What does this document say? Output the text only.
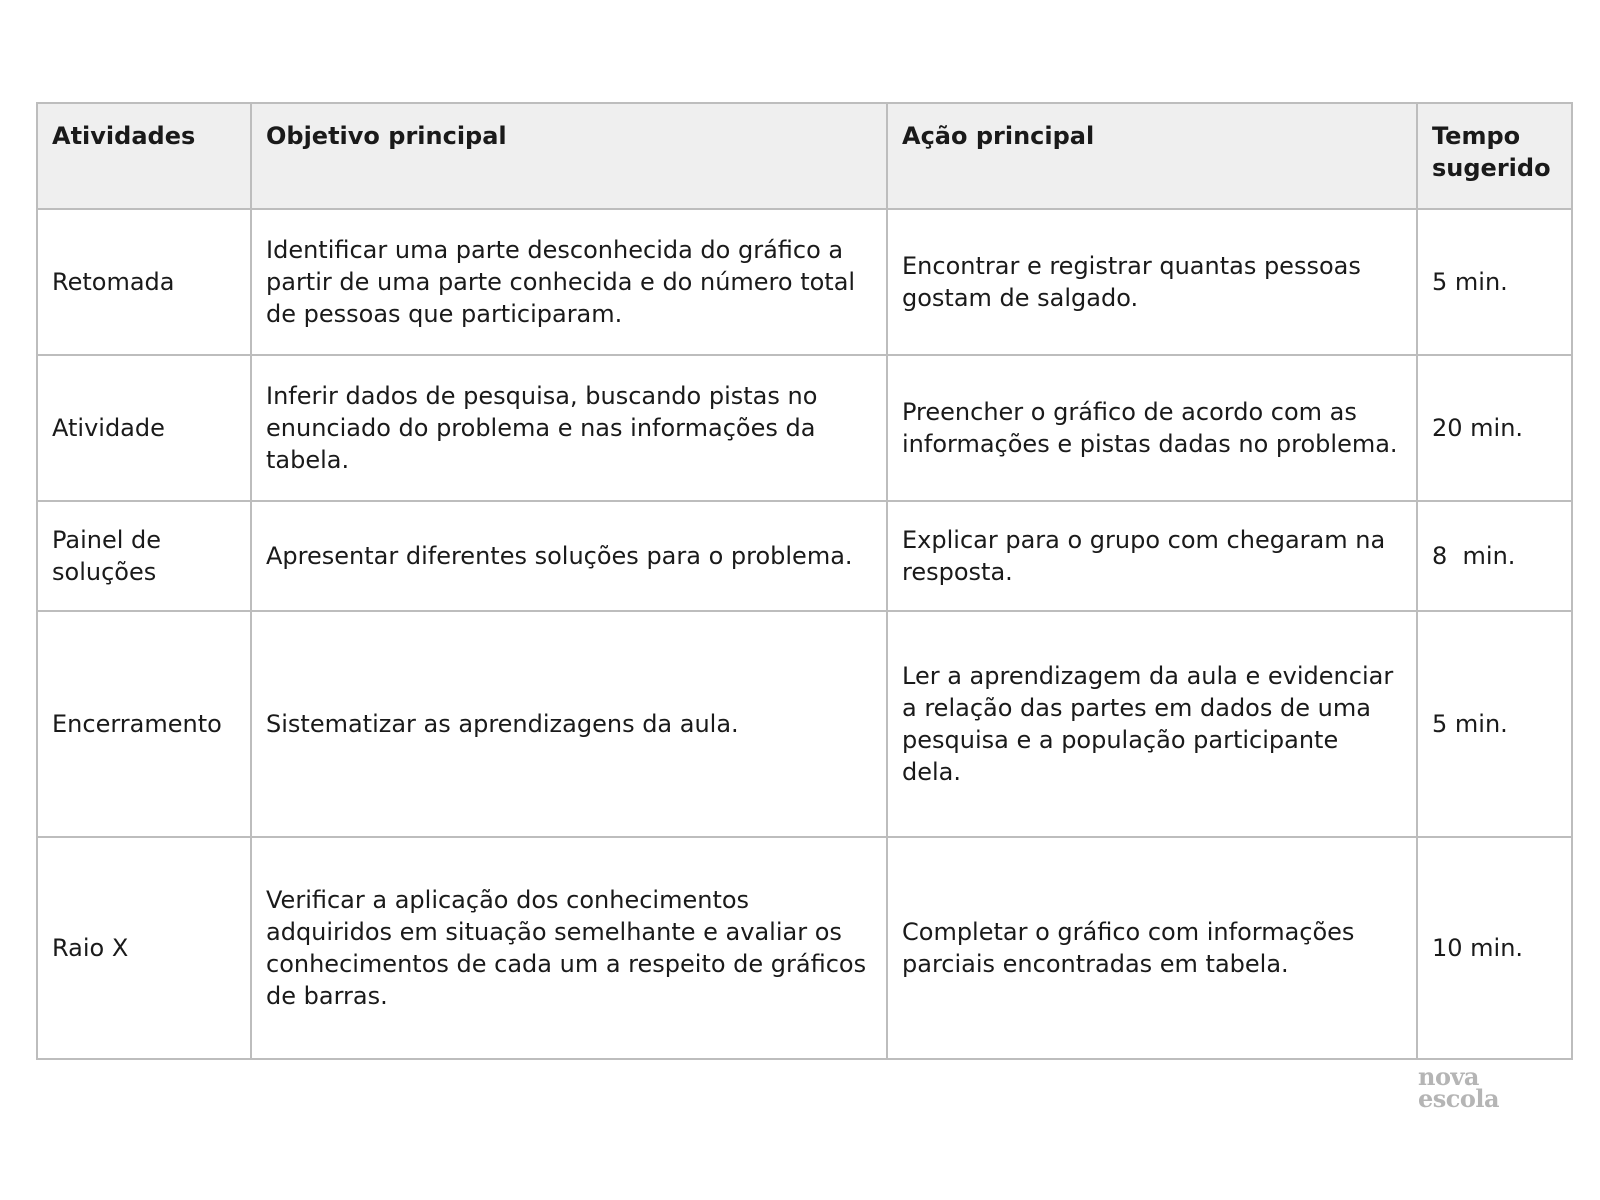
Atividades	Objetivo principal	Ação principal	Tempo sugerido
Retomada	Identificar uma parte desconhecida do gráfico a partir de uma parte conhecida e do número total de pessoas que participaram.	Encontrar e registrar quantas pessoas gostam de salgado.	5 min.
Atividade	Inferir dados de pesquisa, buscando pistas no enunciado do problema e nas informações da tabela.	Preencher o gráfico de acordo com as informações e pistas dadas no problema.	20 min.
Painel de soluções	Apresentar diferentes soluções para o problema.	Explicar para o grupo com chegaram na resposta.	8  min.
Encerramento	Sistematizar as aprendizagens da aula.	Ler a aprendizagem da aula e evidenciar a relação das partes em dados de uma pesquisa e a população participante dela.	5 min.
Raio X	Verificar a aplicação dos conhecimentos adquiridos em situação semelhante e avaliar os conhecimentos de cada um a respeito de gráficos de barras.	Completar o gráfico com informações parciais encontradas em tabela.	10 min.
nova
escola
